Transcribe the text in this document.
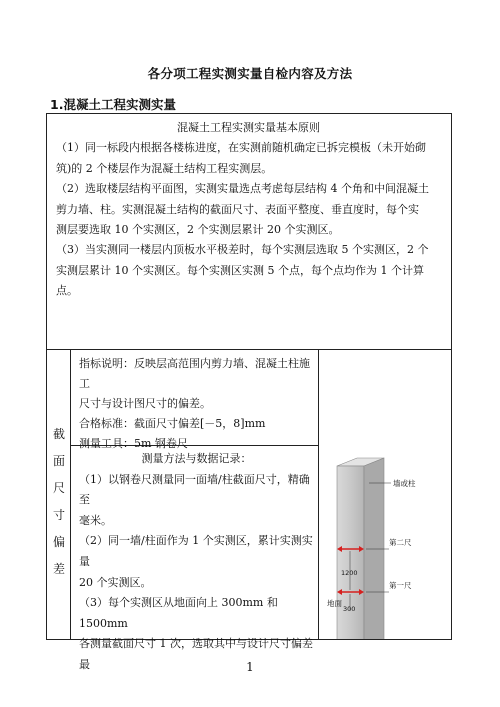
各分项工程实测实量自检内容及方法
1.混凝土工程实测实量
混凝土工程实测实量基本原则
（1）同一标段内根据各楼栋进度，在实测前随机确定已拆完模板（未开始砌
筑)的 2 个楼层作为混凝土结构工程实测层。
（2）选取楼层结构平面图，实测实量选点考虑每层结构 4 个角和中间混凝土
剪力墙、柱。实测混凝土结构的截面尺寸、表面平整度、垂直度时，每个实
测层要选取 10 个实测区，2 个实测层累计 20 个实测区。
（3）当实测同一楼层内顶板水平极差时，每个实测层选取 5 个实测区，2 个
实测层累计 10 个实测区。每个实测区实测 5 个点，每个点均作为 1 个计算
点。
截
面
尺
寸
偏
差
指标说明：反映层高范围内剪力墙、混凝土柱施工
尺寸与设计图尺寸的偏差。
合格标准：截面尺寸偏差[－5，8]mm
测量工具：5m 钢卷尺
测量方法与数据记录：
（1）以钢卷尺测量同一面墙/柱截面尺寸，精确至
毫米。
（2）同一墙/柱面作为 1 个实测区，累计实测实量
20 个实测区。
（3）每个实测区从地面向上 300mm 和 1500mm
各测量截面尺寸 1 次，选取其中与设计尺寸偏差最
墙或柱
第二尺
第一尺
1200
300
地面
1
